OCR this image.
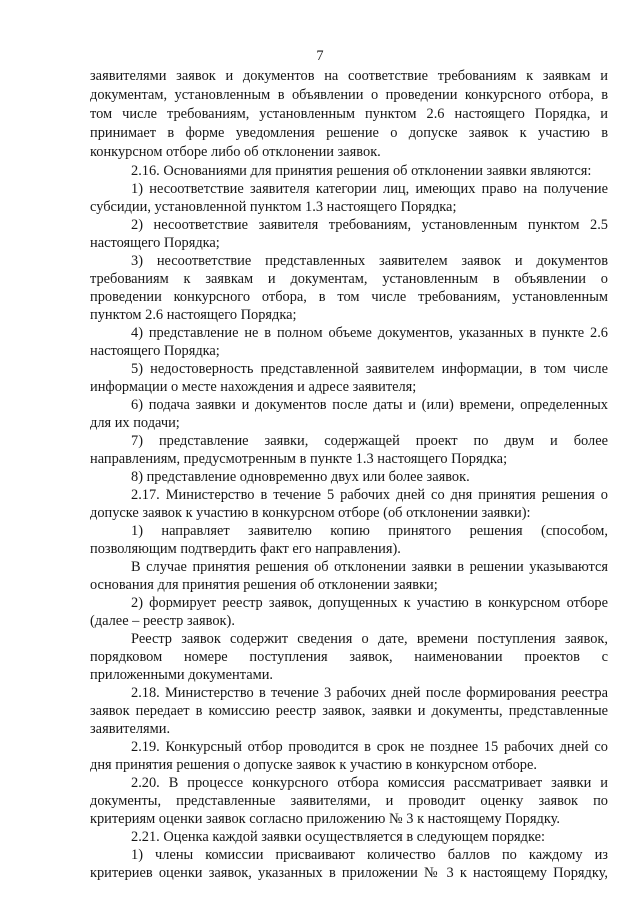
7
заявителями заявок и документов на соответствие требованиям к заявкам и
документам, установленным в объявлении о проведении конкурсного отбора, в
том числе требованиям, установленным пунктом 2.6 настоящего Порядка, и
принимает в форме уведомления решение о допуске заявок к участию в
конкурсном отборе либо об отклонении заявок.
2.16. Основаниями для принятия решения об отклонении заявки являются:
1) несоответствие заявителя категории лиц, имеющих право на получение
субсидии, установленной пунктом 1.3 настоящего Порядка;
2) несоответствие заявителя требованиям, установленным пунктом 2.5
настоящего Порядка;
3) несоответствие представленных заявителем заявок и документов
требованиям к заявкам и документам, установленным в объявлении о
проведении конкурсного отбора, в том числе требованиям, установленным
пунктом 2.6 настоящего Порядка;
4) представление не в полном объеме документов, указанных в пункте 2.6
настоящего Порядка;
5) недостоверность представленной заявителем информации, в том числе
информации о месте нахождения и адресе заявителя;
6) подача заявки и документов после даты и (или) времени, определенных
для их подачи;
7) представление заявки, содержащей проект по двум и более
направлениям, предусмотренным в пункте 1.3 настоящего Порядка;
8) представление одновременно двух или более заявок.
2.17. Министерство в течение 5 рабочих дней со дня принятия решения о
допуске заявок к участию в конкурсном отборе (об отклонении заявки):
1) направляет заявителю копию принятого решения (способом,
позволяющим подтвердить факт его направления).
В случае принятия решения об отклонении заявки в решении указываются
основания для принятия решения об отклонении заявки;
2) формирует реестр заявок, допущенных к участию в конкурсном отборе
(далее – реестр заявок).
Реестр заявок содержит сведения о дате, времени поступления заявок,
порядковом номере поступления заявок, наименовании проектов с
приложенными документами.
2.18. Министерство в течение 3 рабочих дней после формирования реестра
заявок передает в комиссию реестр заявок, заявки и документы, представленные
заявителями.
2.19. Конкурсный отбор проводится в срок не позднее 15 рабочих дней со
дня принятия решения о допуске заявок к участию в конкурсном отборе.
2.20. В процессе конкурсного отбора комиссия рассматривает заявки и
документы, представленные заявителями, и проводит оценку заявок по
критериям оценки заявок согласно приложению № 3 к настоящему Порядку.
2.21. Оценка каждой заявки осуществляется в следующем порядке:
1) члены комиссии присваивают количество баллов по каждому из
критериев оценки заявок, указанных в приложении № 3 к настоящему Порядку,
